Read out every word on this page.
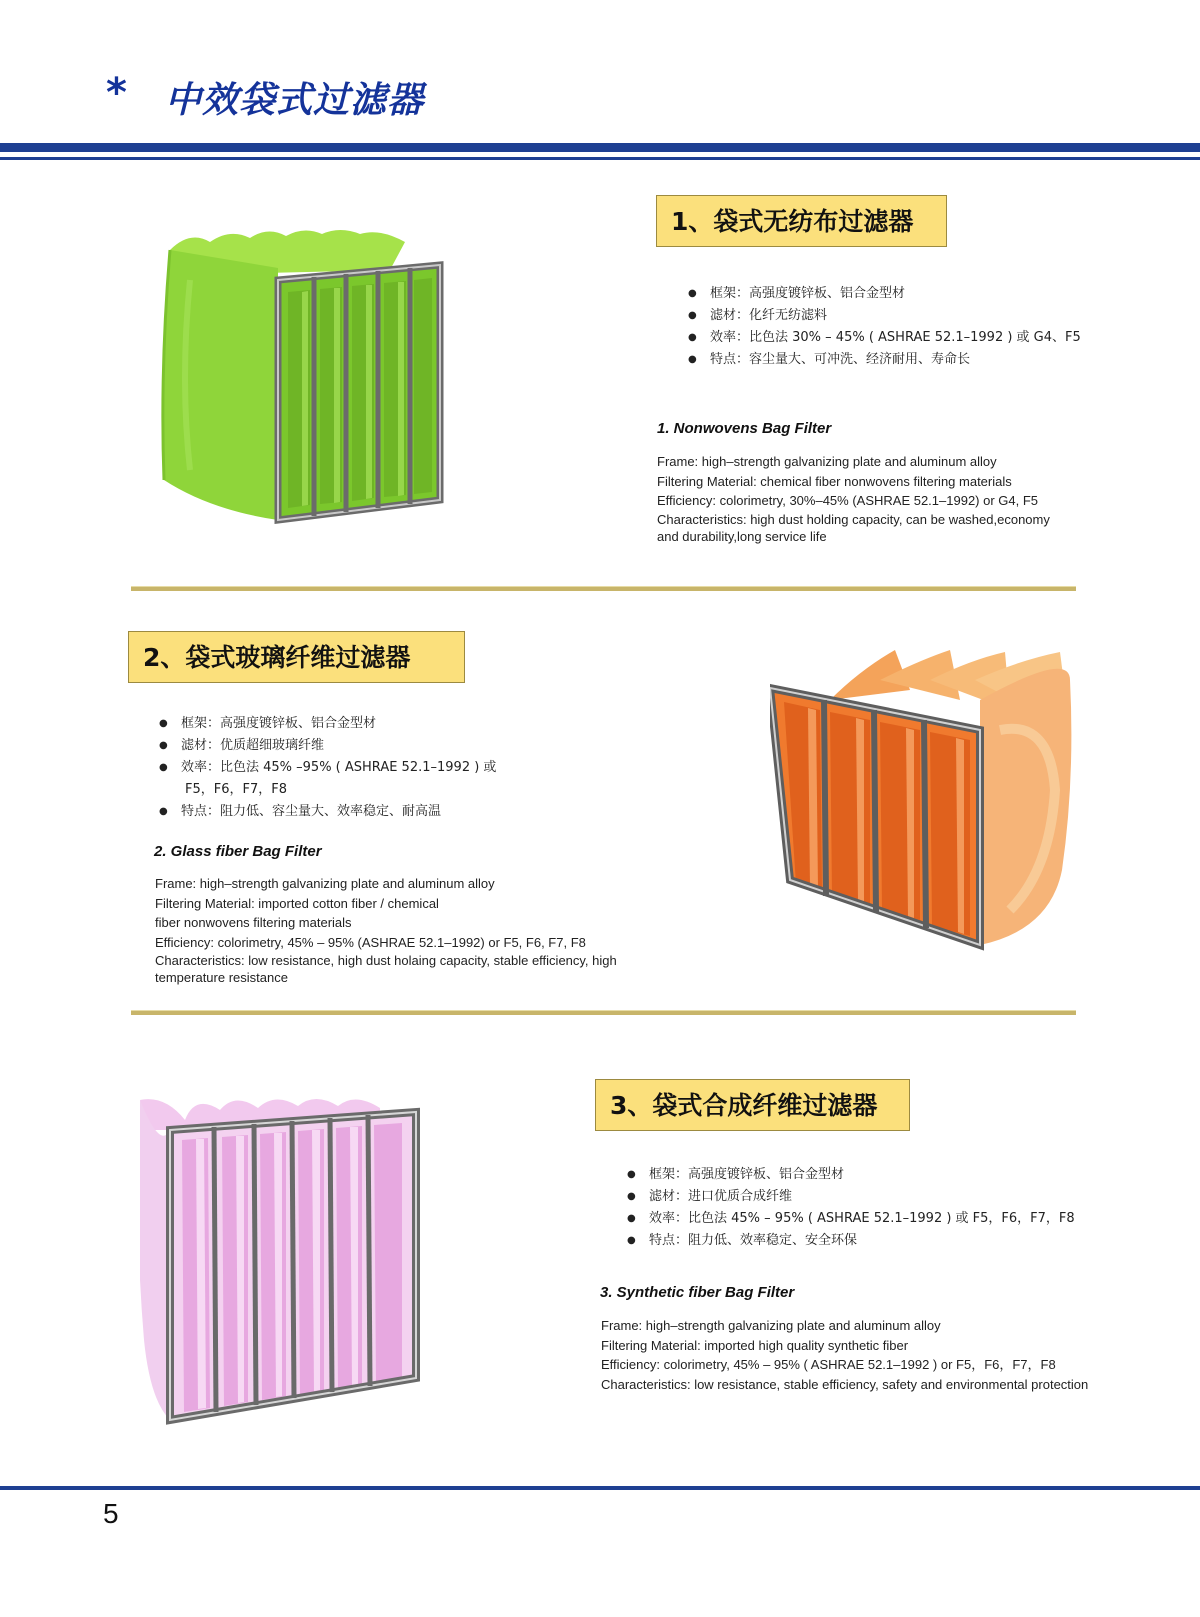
* 中效袋式过滤器
1、袋式无纺布过滤器
● 框架：高强度镀锌板、铝合金型材
● 滤材：化纤无纺滤料
● 效率：比色法 30% – 45% ( ASHRAE 52.1–1992 ) 或 G4、F5
● 特点：容尘量大、可冲洗、经济耐用、寿命长
1. Nonwovens Bag Filter
Frame: high–strength galvanizing plate and aluminum alloy
Filtering Material: chemical fiber nonwovens filtering materials
Efficiency: colorimetry, 30%–45% (ASHRAE 52.1–1992) or G4, F5
Characteristics: high dust holding capacity, can be washed,economy
and durability,long service life
2、袋式玻璃纤维过滤器
● 框架：高强度镀锌板、铝合金型材
● 滤材：优质超细玻璃纤维
● 效率：比色法 45% –95% ( ASHRAE 52.1–1992 ) 或
F5，F6，F7，F8
● 特点：阻力低、容尘量大、效率稳定、耐高温
2. Glass fiber Bag Filter
Frame: high–strength galvanizing plate and aluminum alloy
Filtering Material: imported cotton fiber / chemical
fiber nonwovens filtering materials
Efficiency: colorimetry, 45% – 95% (ASHRAE 52.1–1992) or F5, F6, F7, F8
Characteristics: low resistance, high dust holaing capacity, stable efficiency, high
temperature resistance
3、袋式合成纤维过滤器
● 框架：高强度镀锌板、铝合金型材
● 滤材：进口优质合成纤维
● 效率：比色法 45% – 95% ( ASHRAE 52.1–1992 ) 或 F5，F6，F7，F8
● 特点：阻力低、效率稳定、安全环保
3. Synthetic fiber Bag Filter
Frame: high–strength galvanizing plate and aluminum alloy
Filtering Material: imported high quality synthetic fiber
Efficiency: colorimetry, 45% – 95% ( ASHRAE 52.1–1992 ) or F5，F6，F7，F8
Characteristics: low resistance, stable efficiency, safety and environmental protection
5
